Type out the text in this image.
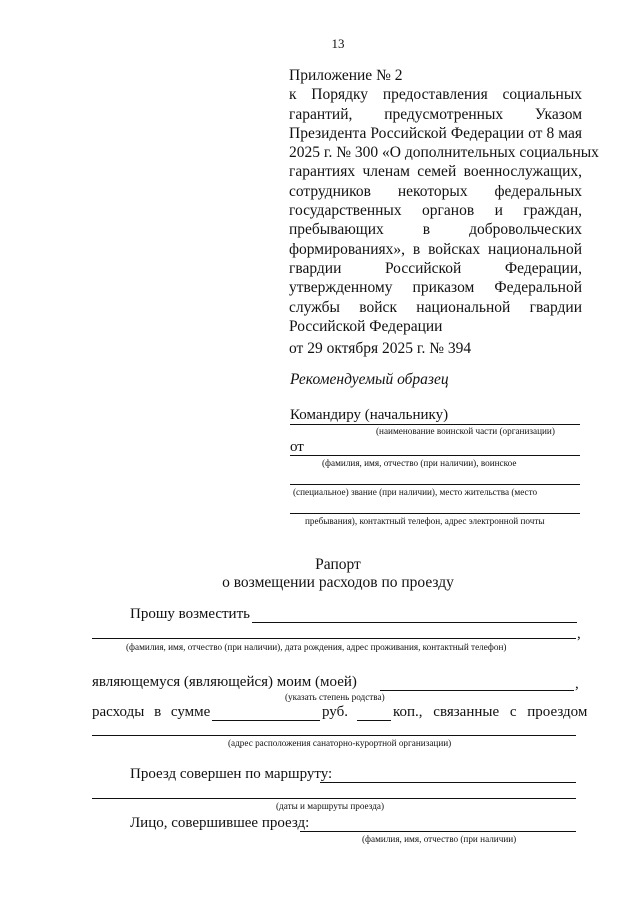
13
Приложение № 2
к Порядку предоставления социальных
гарантий, предусмотренных Указом
Президента Российской Федерации от 8 мая
2025 г. № 300 «О дополнительных социальных
гарантиях членам семей военнослужащих,
сотрудников некоторых федеральных
государственных органов и граждан,
пребывающих в добровольческих
формированиях», в войсках национальной
гвардии Российской Федерации,
утвержденному приказом Федеральной
службы войск национальной гвардии
Российской Федерации
от 29 октября 2025 г. № 394
Рекомендуемый образец
Командиру (начальнику)
(наименование воинской части (организации)
от
(фамилия, имя, отчество (при наличии), воинское
(специальное) звание (при наличии), место жительства (место
пребывания), контактный телефон, адрес электронной почты
Рапорт
о возмещении расходов по проезду
Прошу возместить
,
(фамилия, имя, отчество (при наличии), дата рождения, адрес проживания, контактный телефон)
являющемуся (являющейся) моим (моей)	,
(указать степень родства)
расходы в сумме	руб.	коп., связанные с проездом
(адрес расположения санаторно-курортной организации)
Проезд совершен по маршруту:
(даты и маршруты проезда)
Лицо, совершившее проезд:
(фамилия, имя, отчество (при наличии)
